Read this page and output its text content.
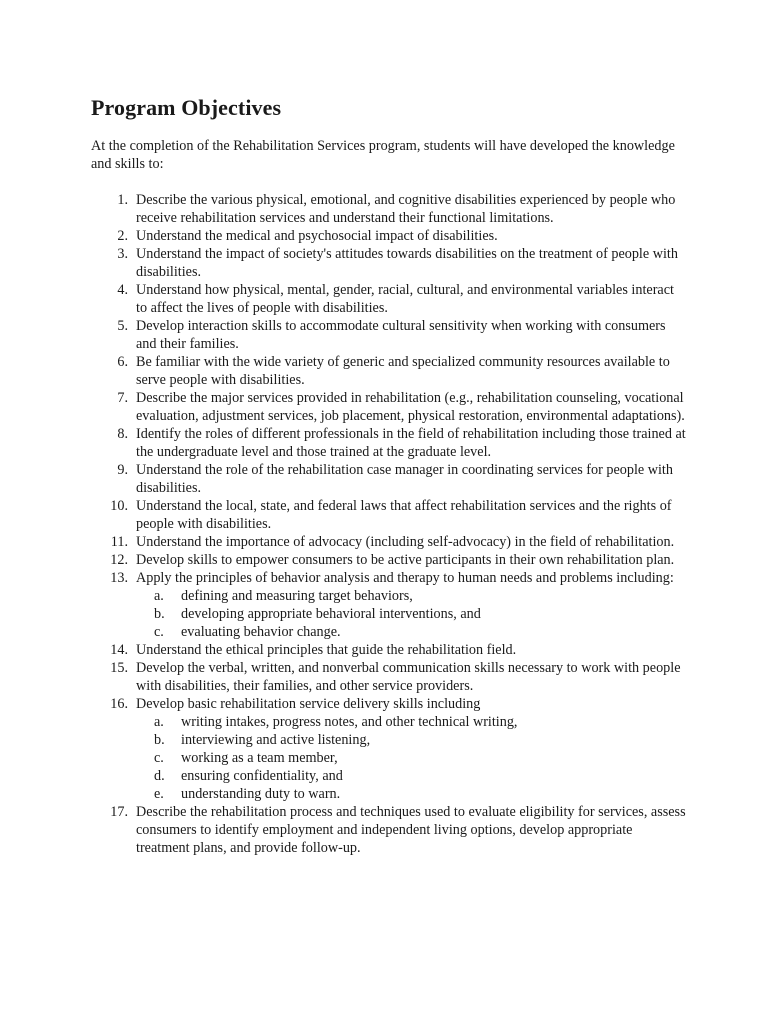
Program Objectives

At the completion of the Rehabilitation Services program, students will have developed the knowledge and skills to:

1. Describe the various physical, emotional, and cognitive disabilities experienced by people who receive rehabilitation services and understand their functional limitations.
2. Understand the medical and psychosocial impact of disabilities.
3. Understand the impact of society's attitudes towards disabilities on the treatment of people with disabilities.
4. Understand how physical, mental, gender, racial, cultural, and environmental variables interact to affect the lives of people with disabilities.
5. Develop interaction skills to accommodate cultural sensitivity when working with consumers and their families.
6. Be familiar with the wide variety of generic and specialized community resources available to serve people with disabilities.
7. Describe the major services provided in rehabilitation (e.g., rehabilitation counseling, vocational evaluation, adjustment services, job placement, physical restoration, environmental adaptations).
8. Identify the roles of different professionals in the field of rehabilitation including those trained at the undergraduate level and those trained at the graduate level.
9. Understand the role of the rehabilitation case manager in coordinating services for people with disabilities.
10. Understand the local, state, and federal laws that affect rehabilitation services and the rights of people with disabilities.
11. Understand the importance of advocacy (including self-advocacy) in the field of rehabilitation.
12. Develop skills to empower consumers to be active participants in their own rehabilitation plan.
13. Apply the principles of behavior analysis and therapy to human needs and problems including:
a.	defining and measuring target behaviors,
b.	developing appropriate behavioral interventions, and
c.	evaluating behavior change.
14. Understand the ethical principles that guide the rehabilitation field.
15. Develop the verbal, written, and nonverbal communication skills necessary to work with people with disabilities, their families, and other service providers.
16. Develop basic rehabilitation service delivery skills including
a.	writing intakes, progress notes, and other technical writing,
b.	interviewing and active listening,
c.	working as a team member,
d.	ensuring confidentiality, and
e.	understanding duty to warn.
17. Describe the rehabilitation process and techniques used to evaluate eligibility for services, assess consumers to identify employment and independent living options, develop appropriate treatment plans, and provide follow-up.
